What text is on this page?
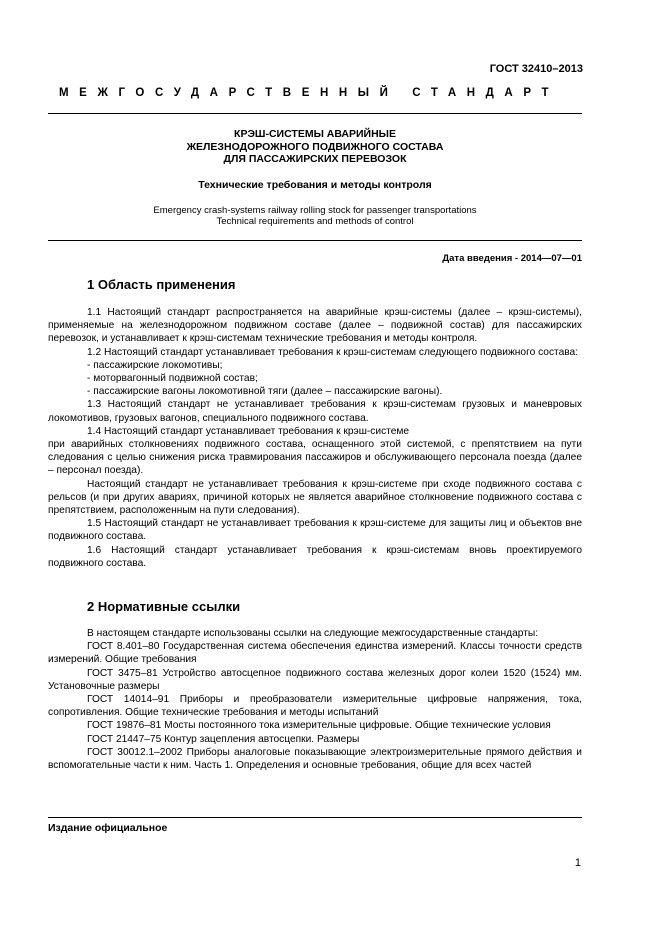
ГОСТ 32410–2013
МЕЖГОСУДАРСТВЕННЫЙ СТАНДАРТ
КРЭШ-СИСТЕМЫ АВАРИЙНЫЕ
ЖЕЛЕЗНОДОРОЖНОГО ПОДВИЖНОГО СОСТАВА
ДЛЯ ПАССАЖИРСКИХ ПЕРЕВОЗОК
Технические требования и методы контроля
Emergency crash-systems railway rolling stock for passenger transportations
Technical requirements and methods of control
Дата введения - 2014—07—01
1 Область применения

1.1 Настоящий стандарт распространяется на аварийные крэш-системы (далее – крэш-системы), применяемые на железнодорожном подвижном составе (далее – подвижной состав) для пассажирских перевозок, и устанавливает к крэш-системам технические требования и методы контроля.

1.2 Настоящий стандарт устанавливает требования к крэш-системам следующего подвижного состава:

- пассажирские локомотивы;

- моторвагонный подвижной состав;

- пассажирские вагоны локомотивной тяги (далее – пассажирские вагоны).

1.3 Настоящий стандарт не устанавливает требования к крэш-системам грузовых и маневровых локомотивов, грузовых вагонов, специального подвижного состава.

1.4 Настоящий стандарт устанавливает требования к крэш-системе

при аварийных столкновениях подвижного состава, оснащенного этой системой, с препятствием на пути следования с целью снижения риска травмирования пассажиров и обслуживающего персонала поезда (далее – персонал поезда).

Настоящий стандарт не устанавливает требования к крэш-системе при сходе подвижного состава с рельсов (и при других авариях, причиной которых не является аварийное столкновение подвижного состава с препятствием, расположенным на пути следования).

1.5 Настоящий стандарт не устанавливает требования к крэш-системе для защиты лиц и объектов вне подвижного состава.

1.6 Настоящий стандарт устанавливает требования к крэш-системам вновь проектируемого подвижного состава.

2 Нормативные ссылки

В настоящем стандарте использованы ссылки на следующие межгосударственные стандарты:

ГОСТ 8.401–80 Государственная система обеспечения единства измерений. Классы точности средств измерений. Общие требования

ГОСТ 3475–81 Устройство автосцепное подвижного состава железных дорог колеи 1520 (1524) мм. Установочные размеры

ГОСТ 14014–91 Приборы и преобразователи измерительные цифровые напряжения, тока, сопротивления. Общие технические требования и методы испытаний

ГОСТ 19876–81 Мосты постоянного тока измерительные цифровые. Общие технические условия

ГОСТ 21447–75 Контур зацепления автосцепки. Размеры

ГОСТ 30012.1–2002 Приборы аналоговые показывающие электроизмерительные прямого действия и вспомогательные части к ним. Часть 1. Определения и основные требования, общие для всех частей

Издание официальное
1
